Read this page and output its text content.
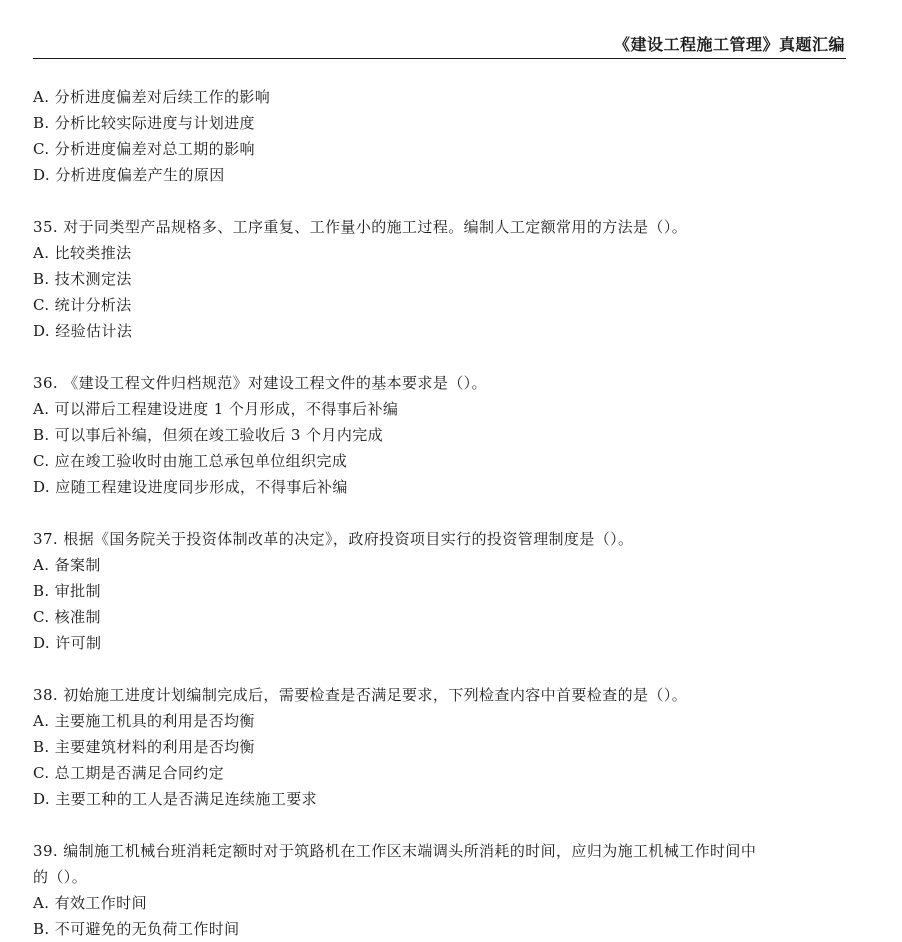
《建设工程施工管理》真题汇编
A. 分析进度偏差对后续工作的影响
B. 分析比较实际进度与计划进度
C. 分析进度偏差对总工期的影响
D. 分析进度偏差产生的原因
35. 对于同类型产品规格多、工序重复、工作量小的施工过程。编制人工定额常用的方法是（）。
A. 比较类推法
B. 技术测定法
C. 统计分析法
D. 经验估计法
36. 《建设工程文件归档规范》对建设工程文件的基本要求是（）。
A. 可以滞后工程建设进度 1 个月形成，不得事后补编
B. 可以事后补编，但须在竣工验收后 3 个月内完成
C. 应在竣工验收时由施工总承包单位组织完成
D. 应随工程建设进度同步形成，不得事后补编
37. 根据《国务院关于投资体制改革的决定》，政府投资项目实行的投资管理制度是（）。
A. 备案制
B. 审批制
C. 核准制
D. 许可制
38. 初始施工进度计划编制完成后，需要检查是否满足要求，下列检查内容中首要检查的是（）。
A. 主要施工机具的利用是否均衡
B. 主要建筑材料的利用是否均衡
C. 总工期是否满足合同约定
D. 主要工种的工人是否满足连续施工要求
39. 编制施工机械台班消耗定额时对于筑路机在工作区末端调头所消耗的时间，应归为施工机械工作时间中
的（）。
A. 有效工作时间
B. 不可避免的无负荷工作时间
